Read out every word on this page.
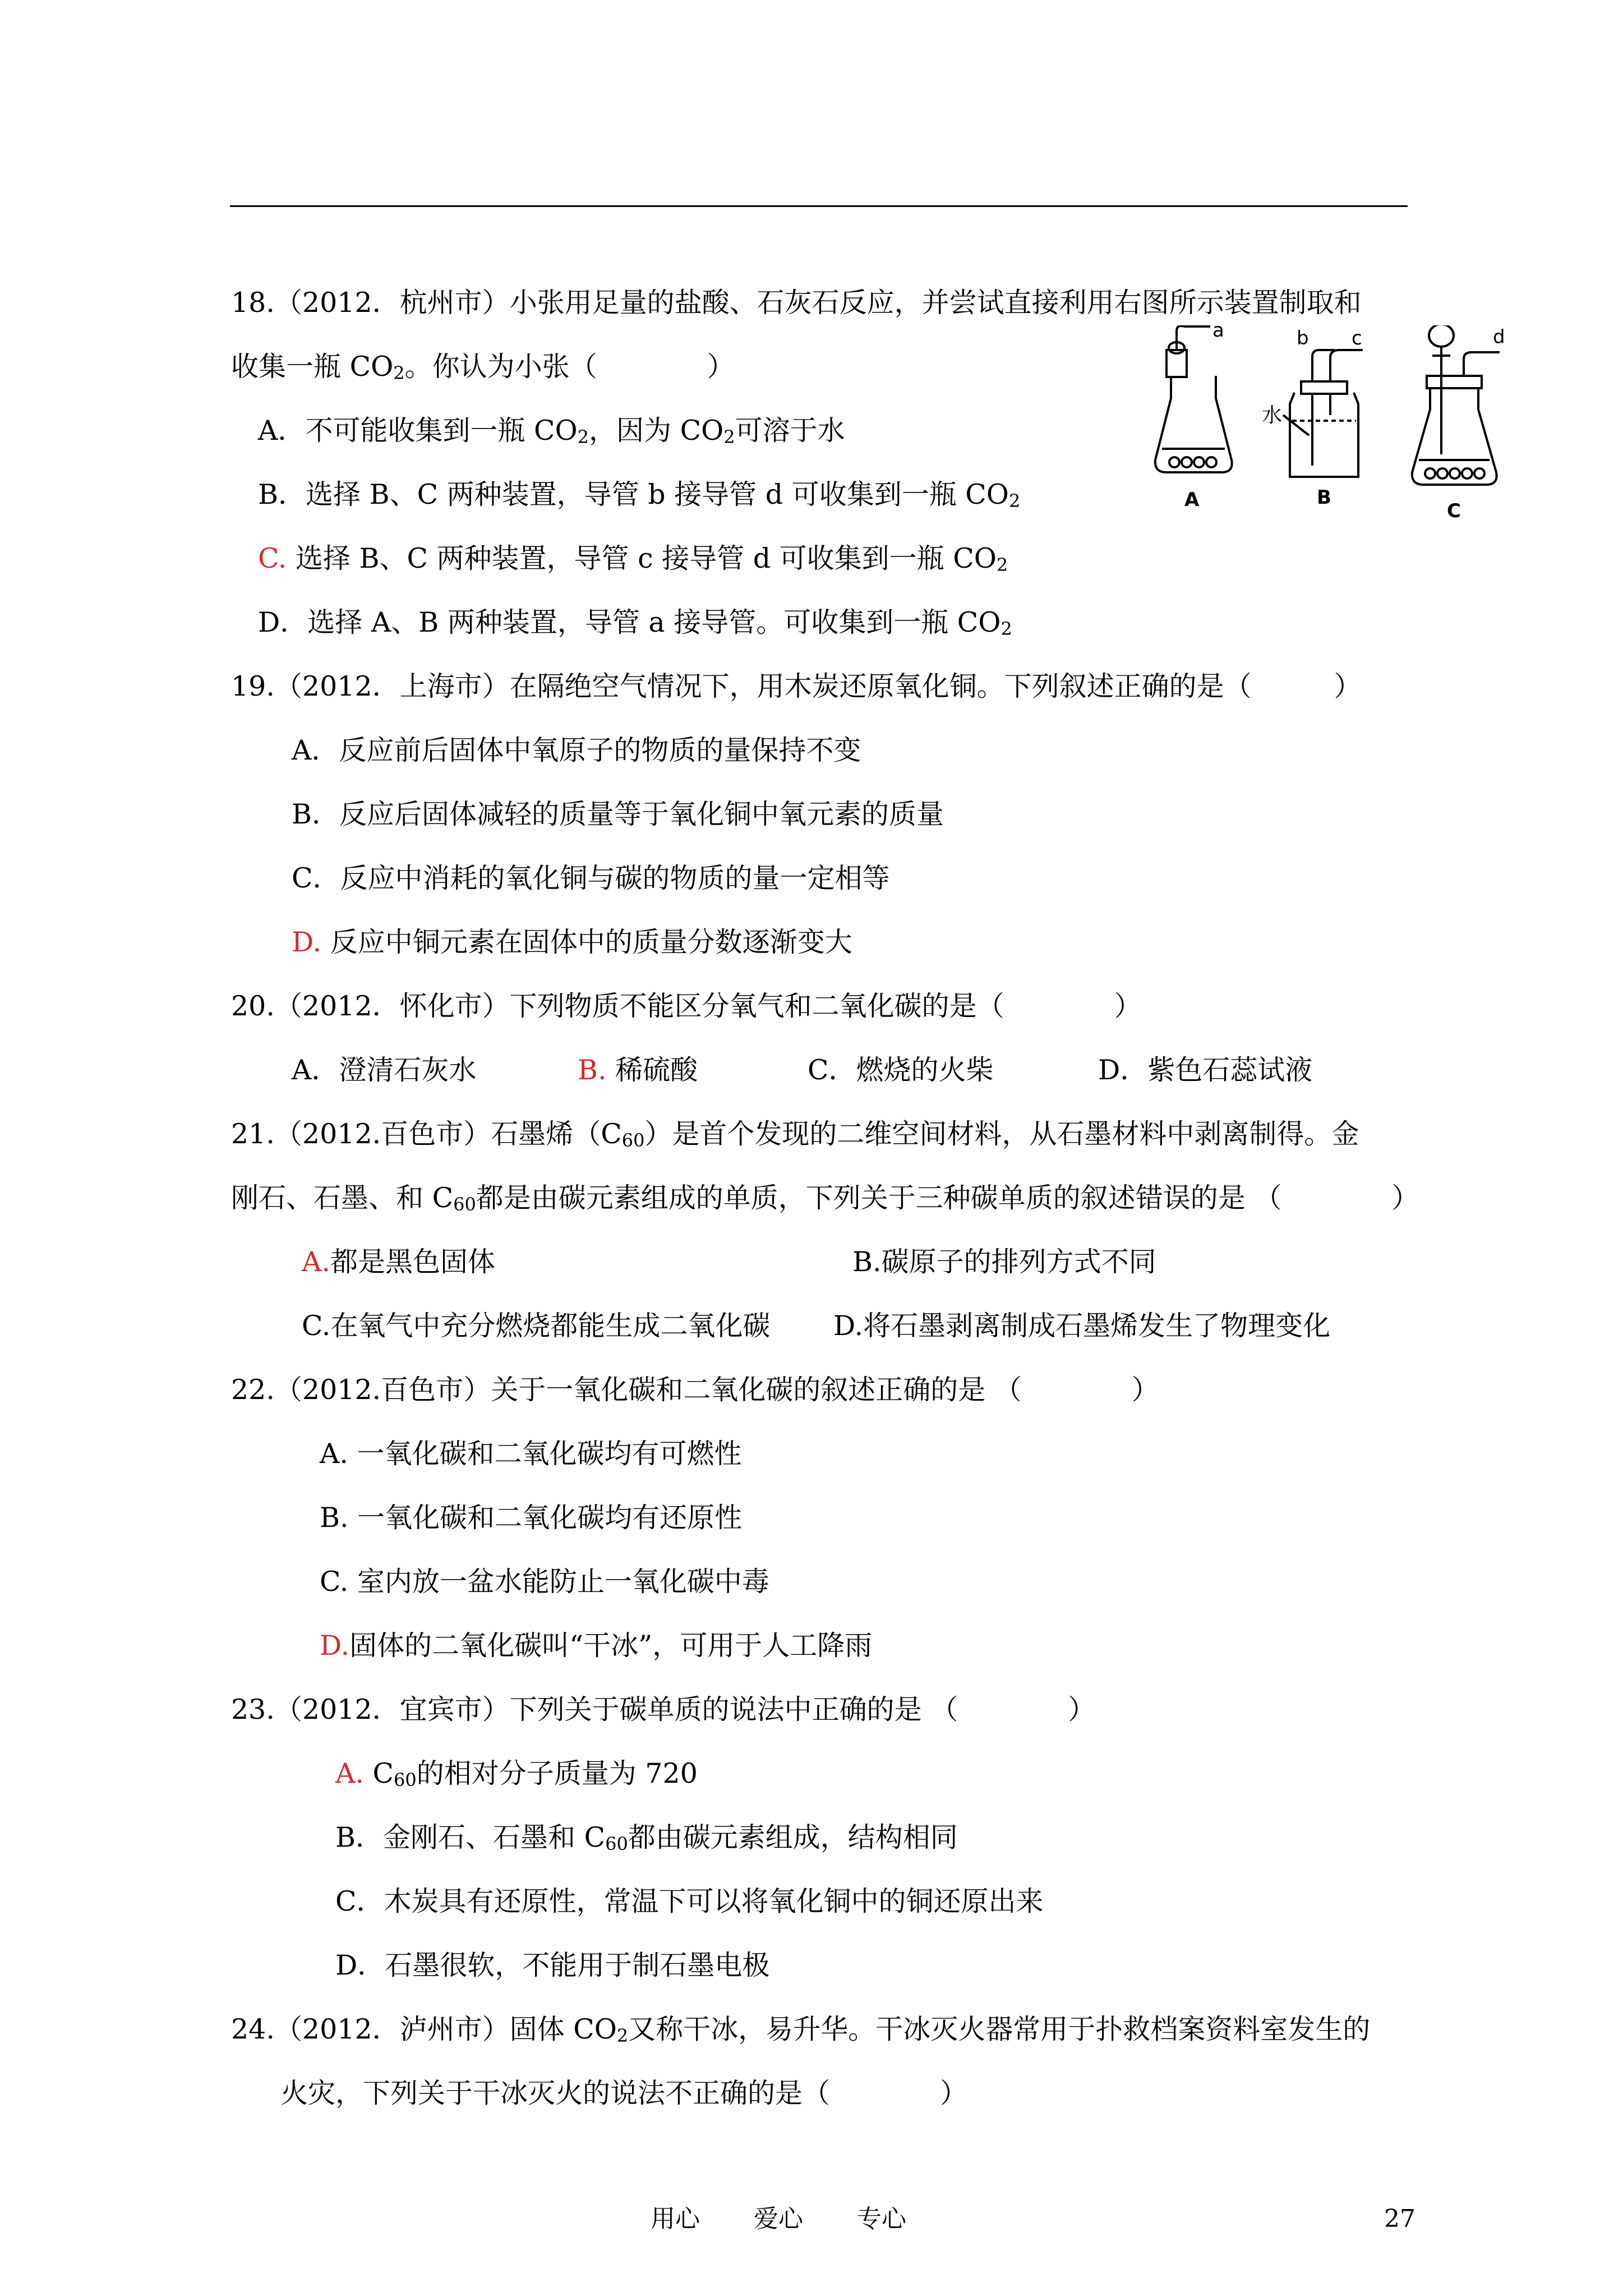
18.（2012．杭州市）小张用足量的盐酸、石灰石反应，并尝试直接利用右图所示装置制取和
收集一瓶 $CO_2$。你认为小张（　　　　）
A．不可能收集到一瓶 $CO_2$，因为 $CO_2$可溶于水
B．选择 B、C 两种装置，导管 b 接导管 d 可收集到一瓶 $CO_2$
C. 选择 B、C 两种装置，导管 c 接导管 d 可收集到一瓶 $CO_2$
D．选择 A、B 两种装置，导管 a 接导管。可收集到一瓶 $CO_2$
a	b c	d
水
A	B
C
19.（2012．上海市）在隔绝空气情况下，用木炭还原氧化铜。下列叙述正确的是（　　　）
A．反应前后固体中氧原子的物质的量保持不变
B．反应后固体减轻的质量等于氧化铜中氧元素的质量
C．反应中消耗的氧化铜与碳的物质的量一定相等
D. 反应中铜元素在固体中的质量分数逐渐变大
20.（2012．怀化市）下列物质不能区分氧气和二氧化碳的是（　　　　）
A．澄清石灰水	B. 稀硫酸	C．燃烧的火柴	D．紫色石蕊试液
21.（2012.百色市）石墨烯$(C_{60})$是首个发现的二维空间材料，从石墨材料中剥离制得。金
刚石、石墨、和 $C_{60}$都是由碳元素组成的单质，下列关于三种碳单质的叙述错误的是 （　　　　）
A.都是黑色固体	B.碳原子的排列方式不同
C.在氧气中充分燃烧都能生成二氧化碳 D.将石墨剥离制成石墨烯发生了物理变化
22.（2012.百色市）关于一氧化碳和二氧化碳的叙述正确的是 （　　　　）
A. 一氧化碳和二氧化碳均有可燃性
B. 一氧化碳和二氧化碳均有还原性
C. 室内放一盆水能防止一氧化碳中毒
D.固体的二氧化碳叫“干冰”，可用于人工降雨
23.（2012．宜宾市）下列关于碳单质的说法中正确的是 （　　　　）
A. $C_{60}$的相对分子质量为 720
B．金刚石、石墨和 $C_{60}$都由碳元素组成，结构相同
C．木炭具有还原性，常温下可以将氧化铜中的铜还原出来
D．石墨很软，不能用于制石墨电极
24.（2012．泸州市）固体 $CO_2$又称干冰，易升华。干冰灭火器常用于扑救档案资料室发生的
火灾，下列关于干冰灭火的说法不正确的是（　　　　）
用心 爱心 专心	27
